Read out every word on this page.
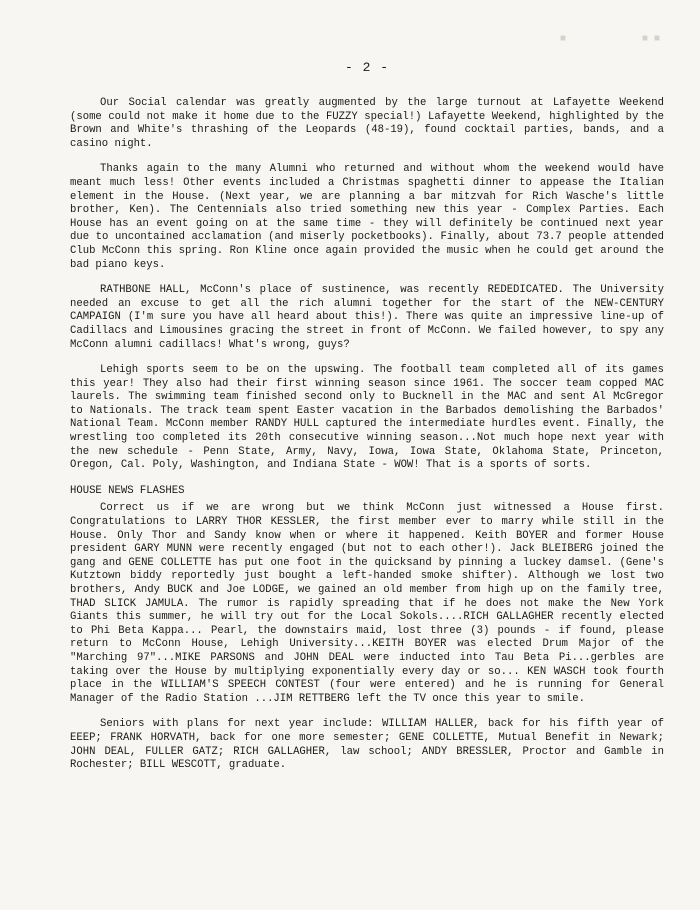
■ ■
■

- 2 -

Our Social calendar was greatly augmented by the large turnout at Lafayette Weekend (some could not make it home due to the FUZZY special!) Lafayette Weekend, highlighted by the Brown and White's thrashing of the Leopards (48-19), found cocktail parties, bands, and a casino night.

Thanks again to the many Alumni who returned and without whom the weekend would have meant much less! Other events included a Christmas spaghetti dinner to appease the Italian element in the House. (Next year, we are planning a bar mitzvah for Rich Wasche's little brother, Ken). The Centennials also tried something new this year - Complex Parties. Each House has an event going on at the same time - they will definitely be continued next year due to uncontained acclamation (and miserly pocketbooks). Finally, about 73.7 people attended Club McConn this spring. Ron Kline once again provided the music when he could get around the bad piano keys.

RATHBONE HALL, McConn's place of sustinence, was recently REDEDICATED. The University needed an excuse to get all the rich alumni together for the start of the NEW-CENTURY CAMPAIGN (I'm sure you have all heard about this!). There was quite an impressive line-up of Cadillacs and Limousines gracing the street in front of McConn. We failed however, to spy any McConn alumni cadillacs! What's wrong, guys?

Lehigh sports seem to be on the upswing. The football team completed all of its games this year! They also had their first winning season since 1961. The soccer team copped MAC laurels. The swimming team finished second only to Bucknell in the MAC and sent Al McGregor to Nationals. The track team spent Easter vacation in the Barbados demolishing the Barbados' National Team. McConn member RANDY HULL captured the intermediate hurdles event. Finally, the wrestling too completed its 20th consecutive winning season...Not much hope next year with the new schedule - Penn State, Army, Navy, Iowa, Iowa State, Oklahoma State, Princeton, Oregon, Cal. Poly, Washington, and Indiana State - WOW! That is a sports of sorts.

HOUSE NEWS FLASHES

Correct us if we are wrong but we think McConn just witnessed a House first. Congratulations to LARRY THOR KESSLER, the first member ever to marry while still in the House. Only Thor and Sandy know when or where it happened. Keith BOYER and former House president GARY MUNN were recently engaged (but not to each other!). Jack BLEIBERG joined the gang and GENE COLLETTE has put one foot in the quicksand by pinning a luckey damsel. (Gene's Kutztown biddy reportedly just bought a left-handed smoke shifter). Although we lost two brothers, Andy BUCK and Joe LODGE, we gained an old member from high up on the family tree, THAD SLICK JAMULA. The rumor is rapidly spreading that if he does not make the New York Giants this summer, he will try out for the Local Sokols....RICH GALLAGHER recently elected to Phi Beta Kappa... Pearl, the downstairs maid, lost three (3) pounds - if found, please return to McConn House, Lehigh University...KEITH BOYER was elected Drum Major of the "Marching 97"...MIKE PARSONS and JOHN DEAL were inducted into Tau Beta Pi...gerbles are taking over the House by multiplying exponentially every day or so... KEN WASCH took fourth place in the WILLIAM'S SPEECH CONTEST (four were entered) and he is running for General Manager of the Radio Station ...JIM RETTBERG left the TV once this year to smile.

Seniors with plans for next year include: WILLIAM HALLER, back for his fifth year of EEEP; FRANK HORVATH, back for one more semester; GENE COLLETTE, Mutual Benefit in Newark; JOHN DEAL, FULLER GATZ; RICH GALLAGHER, law school; ANDY BRESSLER, Proctor and Gamble in Rochester; BILL WESCOTT, graduate.
